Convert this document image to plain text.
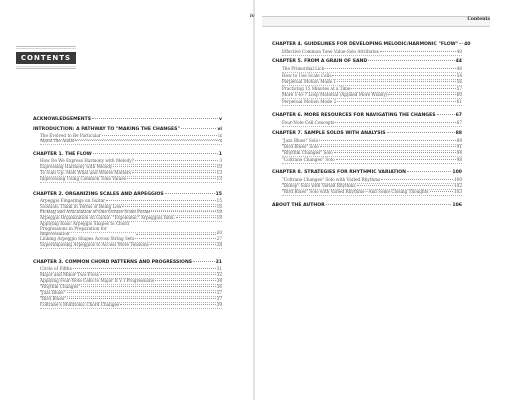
iv
Contents
CONTENTS
ACKNOWLEDGEMENTS	v
INTRODUCTION: A PATHWAY TO "MAKING THE CHANGES"	vi
The Evolved to Be Particular	ix
About the Audio	x
CHAPTER 1. THE FLOW	1
How Do We Express Harmony with Melody?	3
Expressing Harmony with Melody	10
To Sum Up: Melt What and Where Matters	13
Improvising Using Common Tone Values	13
CHAPTER 2. ORGANIZING SCALES AND ARPEGGIOS	15
Arpeggio Fingerings on Guitar	15
Solution: Think in Terms of Being Low	16
Picking and Articulation of One Octave Scale Forms	18
Arpeggio Organization on Guitar: "Ergonomic" Arpeggios Intel.	19
Applying Basic Arpeggio Shapes to Chord Progressions in Preparation for Improvisation	20
Linking Arpeggio Shapes Across String Sets	27
Superimposing Arpeggios to Access More Tensions	28
CHAPTER 3. COMMON CHORD PATTERNS AND PROGRESSIONS	31
Circle of Fifths	31
Major and Minor Two-Fives	32
Applying Four-Note Cells to Major II V I Progressions	34
"Rhythm Changes"	36
"Jazz Blues"	37
"Bird Blues"	37
Coltrane's Multitonic Chord Changes	39
CHAPTER 4. GUIDELINES FOR DEVELOPING MELODIC/HARMONIC "FLOW" 40
Effective Common Tone Value-Solo Attributes	40
CHAPTER 5. FROM A GRAIN OF SAND	44
The Primordial Lick	46
How to Use Scale Cells	54
Perpetual Motion Mode 1	56
Practicing 15 Minutes at a Time	57
More 1-to-7 Loop Material (Applied More Widely)	60
Perpetual Motion Mode 2	61
CHAPTER 6. MORE RESOURCES FOR NAVIGATING THE CHANGES	67
Four-Note Cell Concepts	67
CHAPTER 7. SAMPLE SOLOS WITH ANALYSIS	88
"Jazz Blues" Solo	89
"Bird Blues" Solo	91
"Rhythm Changes" Solo	94
"Coltrane Changes" Solo	98
CHAPTER 8. STRATEGIES FOR RHYTHMIC VARIATION	100
"Coltrane Changes" Solo with Varied Rhythms	100
"Bebop" Solo with Varied Rhythms	102
"Bird Blues" Solo with Varied Rhythms—And Some Closing Thoughts	103
ABOUT THE AUTHOR	106
